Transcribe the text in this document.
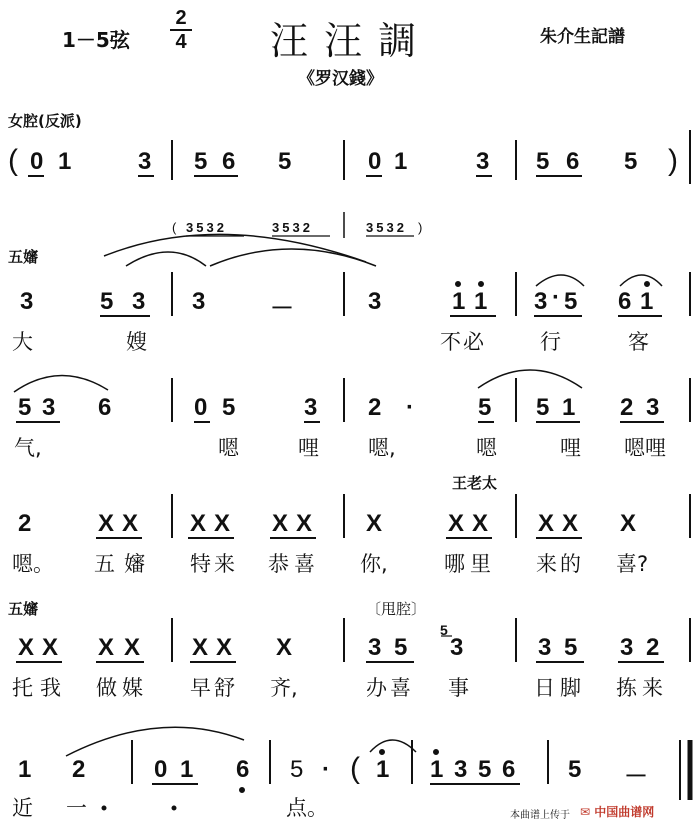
1－5弦
2
4 汪 汪 調	朱介生記譜
《罗汉錢》
女腔(反派)
五嬸
王老太
五嬸	〔甩腔〕
( 0 1	3 5 6 5	0 1	3 5 6 5 )
( 3532	3532	3532 )
3	5 3 3	－	3	1 1 3 · 5 6 1
大	嫂	不必	行	客
5 3 6	0 5	3 2 ·	5 5 1 2 3
气,	嗯	哩 嗯,	嗯	哩 嗯哩
2	X X X X X X X	X X X X X
嗯。 五 嬸 特 来 恭 喜 你,	哪 里 来 的 喜?
X X X X X X X	3 5
5
3	3 5 3 2
托 我 做 媒 早 舒 齐,	办 喜 事	日 脚 拣 来
1 2	0 1 6 5 · ( 1 1 3 5 6 5 －
近 一	点。	本曲谱上传于 ✉ 中国曲谱网
